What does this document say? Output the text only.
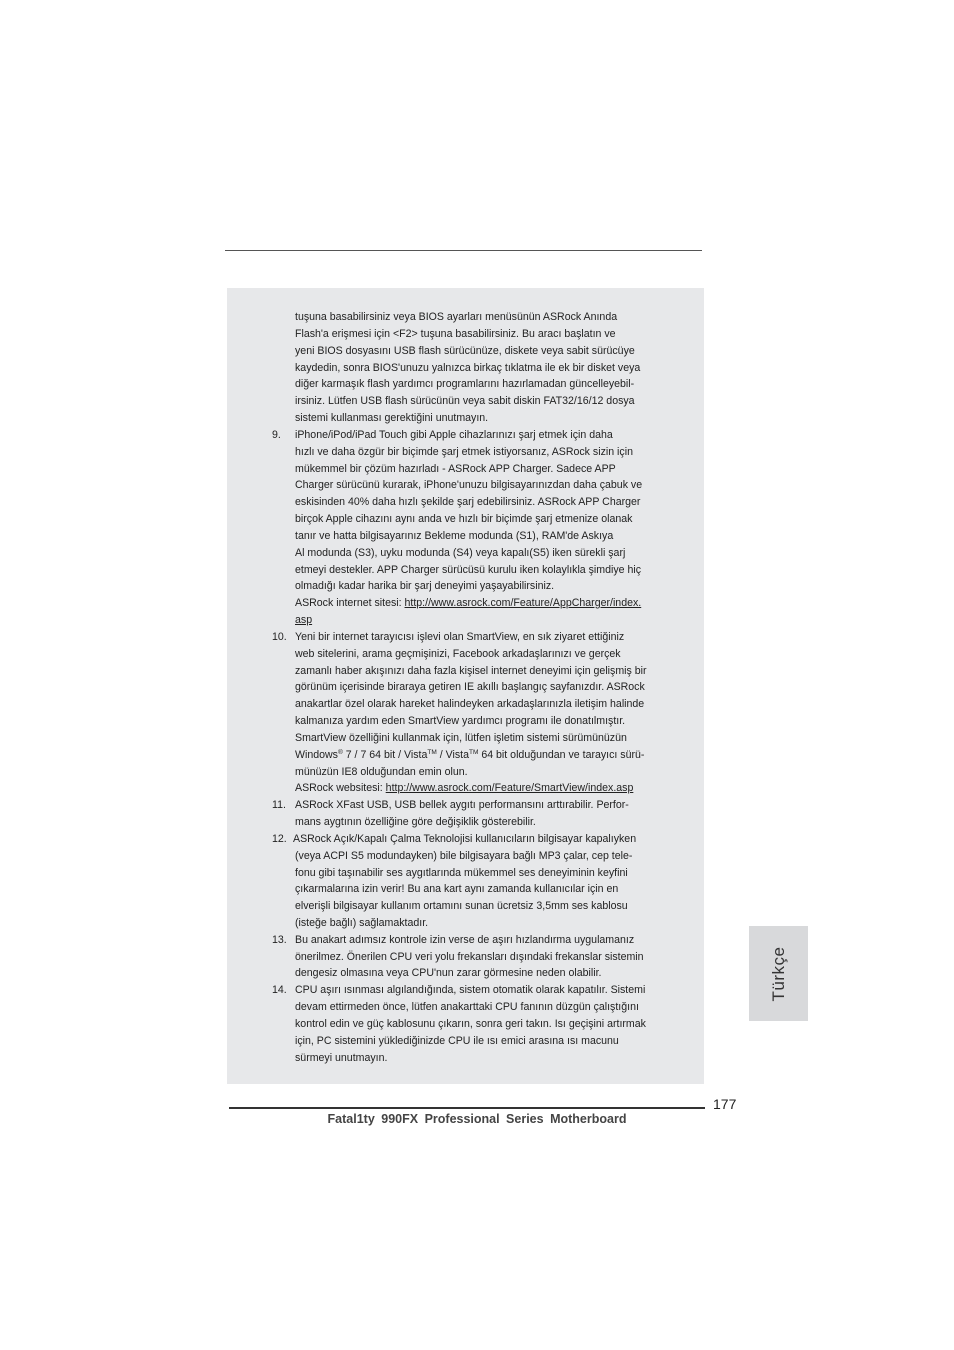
tuşuna basabilirsiniz veya BIOS ayarları menüsünün ASRock Anında
Flash'a erişmesi için <F2> tuşuna basabilirsiniz. Bu aracı başlatın ve
yeni BIOS dosyasını USB flash sürücünüze, diskete veya sabit sürücüye
kaydedin, sonra BIOS'unuzu yalnızca birkaç tıklatma ile ek bir disket veya
diğer karmaşık flash yardımcı programlarını hazırlamadan güncelleyebil-
irsiniz. Lütfen USB flash sürücünün veya sabit diskin FAT32/16/12 dosya
sistemi kullanması gerektiğini unutmayın.
9. iPhone/iPod/iPad Touch gibi Apple cihazlarınızı şarj etmek için daha
hızlı ve daha özgür bir biçimde şarj etmek istiyorsanız, ASRock sizin için
mükemmel bir çözüm hazırladı - ASRock APP Charger. Sadece APP
Charger sürücünü kurarak, iPhone'unuzu bilgisayarınızdan daha çabuk ve
eskisinden 40% daha hızlı şekilde şarj edebilirsiniz. ASRock APP Charger
birçok Apple cihazını aynı anda ve hızlı bir biçimde şarj etmenize olanak
tanır ve hatta bilgisayarınız Bekleme modunda (S1), RAM'de Askıya
Al modunda (S3), uyku modunda (S4) veya kapalı(S5) iken sürekli şarj
etmeyi destekler. APP Charger sürücüsü kurulu iken kolaylıkla şimdiye hiç
olmadığı kadar harika bir şarj deneyimi yaşayabilirsiniz.
ASRock internet sitesi: http://www.asrock.com/Feature/AppCharger/index.
asp
10. Yeni bir internet tarayıcısı işlevi olan SmartView, en sık ziyaret ettiğiniz
web sitelerini, arama geçmişinizi, Facebook arkadaşlarınızı ve gerçek
zamanlı haber akışınızı daha fazla kişisel internet deneyimi için gelişmiş bir
görünüm içerisinde biraraya getiren IE akıllı başlangıç sayfanızdır. ASRock
anakartlar özel olarak hareket halindeyken arkadaşlarınızla iletişim halinde
kalmanıza yardım eden SmartView yardımcı programı ile donatılmıştır.
SmartView özelliğini kullanmak için, lütfen işletim sistemi sürümünüzün
Windows® 7 / 7 64 bit / Vista™ / Vista™ 64 bit olduğundan ve tarayıcı sürü-
münüzün IE8 olduğundan emin olun.
ASRock websitesi: http://www.asrock.com/Feature/SmartView/index.asp
11. ASRock XFast USB, USB bellek aygıtı performansını arttırabilir. Perfor-
mans aygtının özelliğine göre değişiklik gösterebilir.
12. ASRock Açık/Kapalı Çalma Teknolojisi kullanıcıların bilgisayar kapalıyken
(veya ACPI S5 modundayken) bile bilgisayara bağlı MP3 çalar, cep tele-
fonu gibi taşınabilir ses aygıtlarında mükemmel ses deneyiminin keyfini
çıkarmalarına izin verir! Bu ana kart aynı zamanda kullanıcılar için en
elverişli bilgisayar kullanım ortamını sunan ücretsiz 3,5mm ses kablosu
(isteğe bağlı) sağlamaktadır.
13. Bu anakart adımsız kontrole izin verse de aşırı hızlandırma uygulamanız
önerilmez. Önerilen CPU veri yolu frekansları dışındaki frekanslar sistemin
dengesiz olmasına veya CPU'nun zarar görmesine neden olabilir.
14. CPU aşırı ısınması algılandığında, sistem otomatik olarak kapatılır. Sistemi
devam ettirmeden önce, lütfen anakarttaki CPU fanının düzgün çalıştığını
kontrol edin ve güç kablosunu çıkarın, sonra geri takın. Isı geçişini artırmak
için, PC sistemini yüklediğinizde CPU ile ısı emici arasına ısı macunu
sürmeyi unutmayın.
Türkçe
177
Fatal1ty 990FX Professional Series Motherboard
